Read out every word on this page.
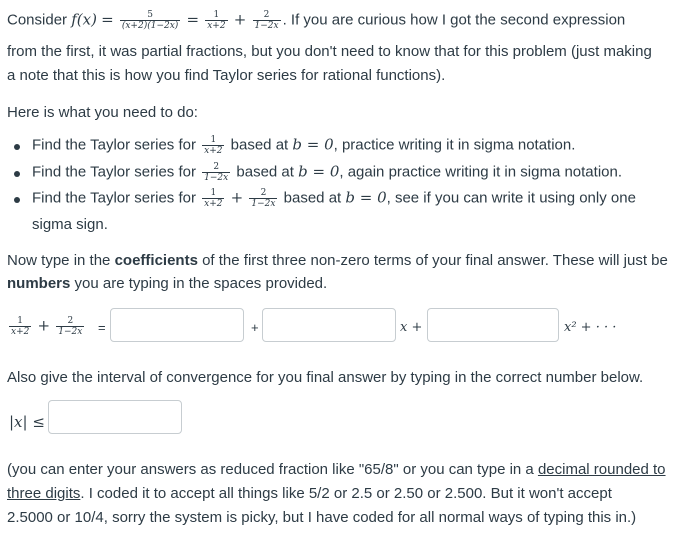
Consider $f(x) = \frac{5}{(x+2)(1-2x)} = \frac{1}{x+2} + \frac{2}{1-2x}$ . If you are curious how I got the second expression
from the first, it was partial fractions, but you don't need to know that for this problem (just making
a note that this is how you find Taylor series for rational functions).
Here is what you need to do:
Find the Taylor series for $\frac{1}{x+2}$ based at b = 0, practice writing it in sigma notation.
Find the Taylor series for $\frac{2}{1-2x}$ based at b = 0, again practice writing it in sigma notation.
Find the Taylor series for $\frac{1}{x+2} + \frac{2}{1-2x}$ based at b = 0, see if you can write it using only one
sigma sign.
Now type in the coefficients of the first three non-zero terms of your final answer. These will just be
numbers you are typing in the spaces provided.
$\frac{1}{x+2} + \frac{2}{1-2x}$ =	+	x +	x² + · · ·
Also give the interval of convergence for you final answer by typing in the correct number below.
|x| ≤
(you can enter your answers as reduced fraction like "65/8" or you can type in a decimal rounded to
three digits. I coded it to accept all things like 5/2 or 2.5 or 2.50 or 2.500. But it won't accept
2.5000 or 10/4, sorry the system is picky, but I have coded for all normal ways of typing this in.)
